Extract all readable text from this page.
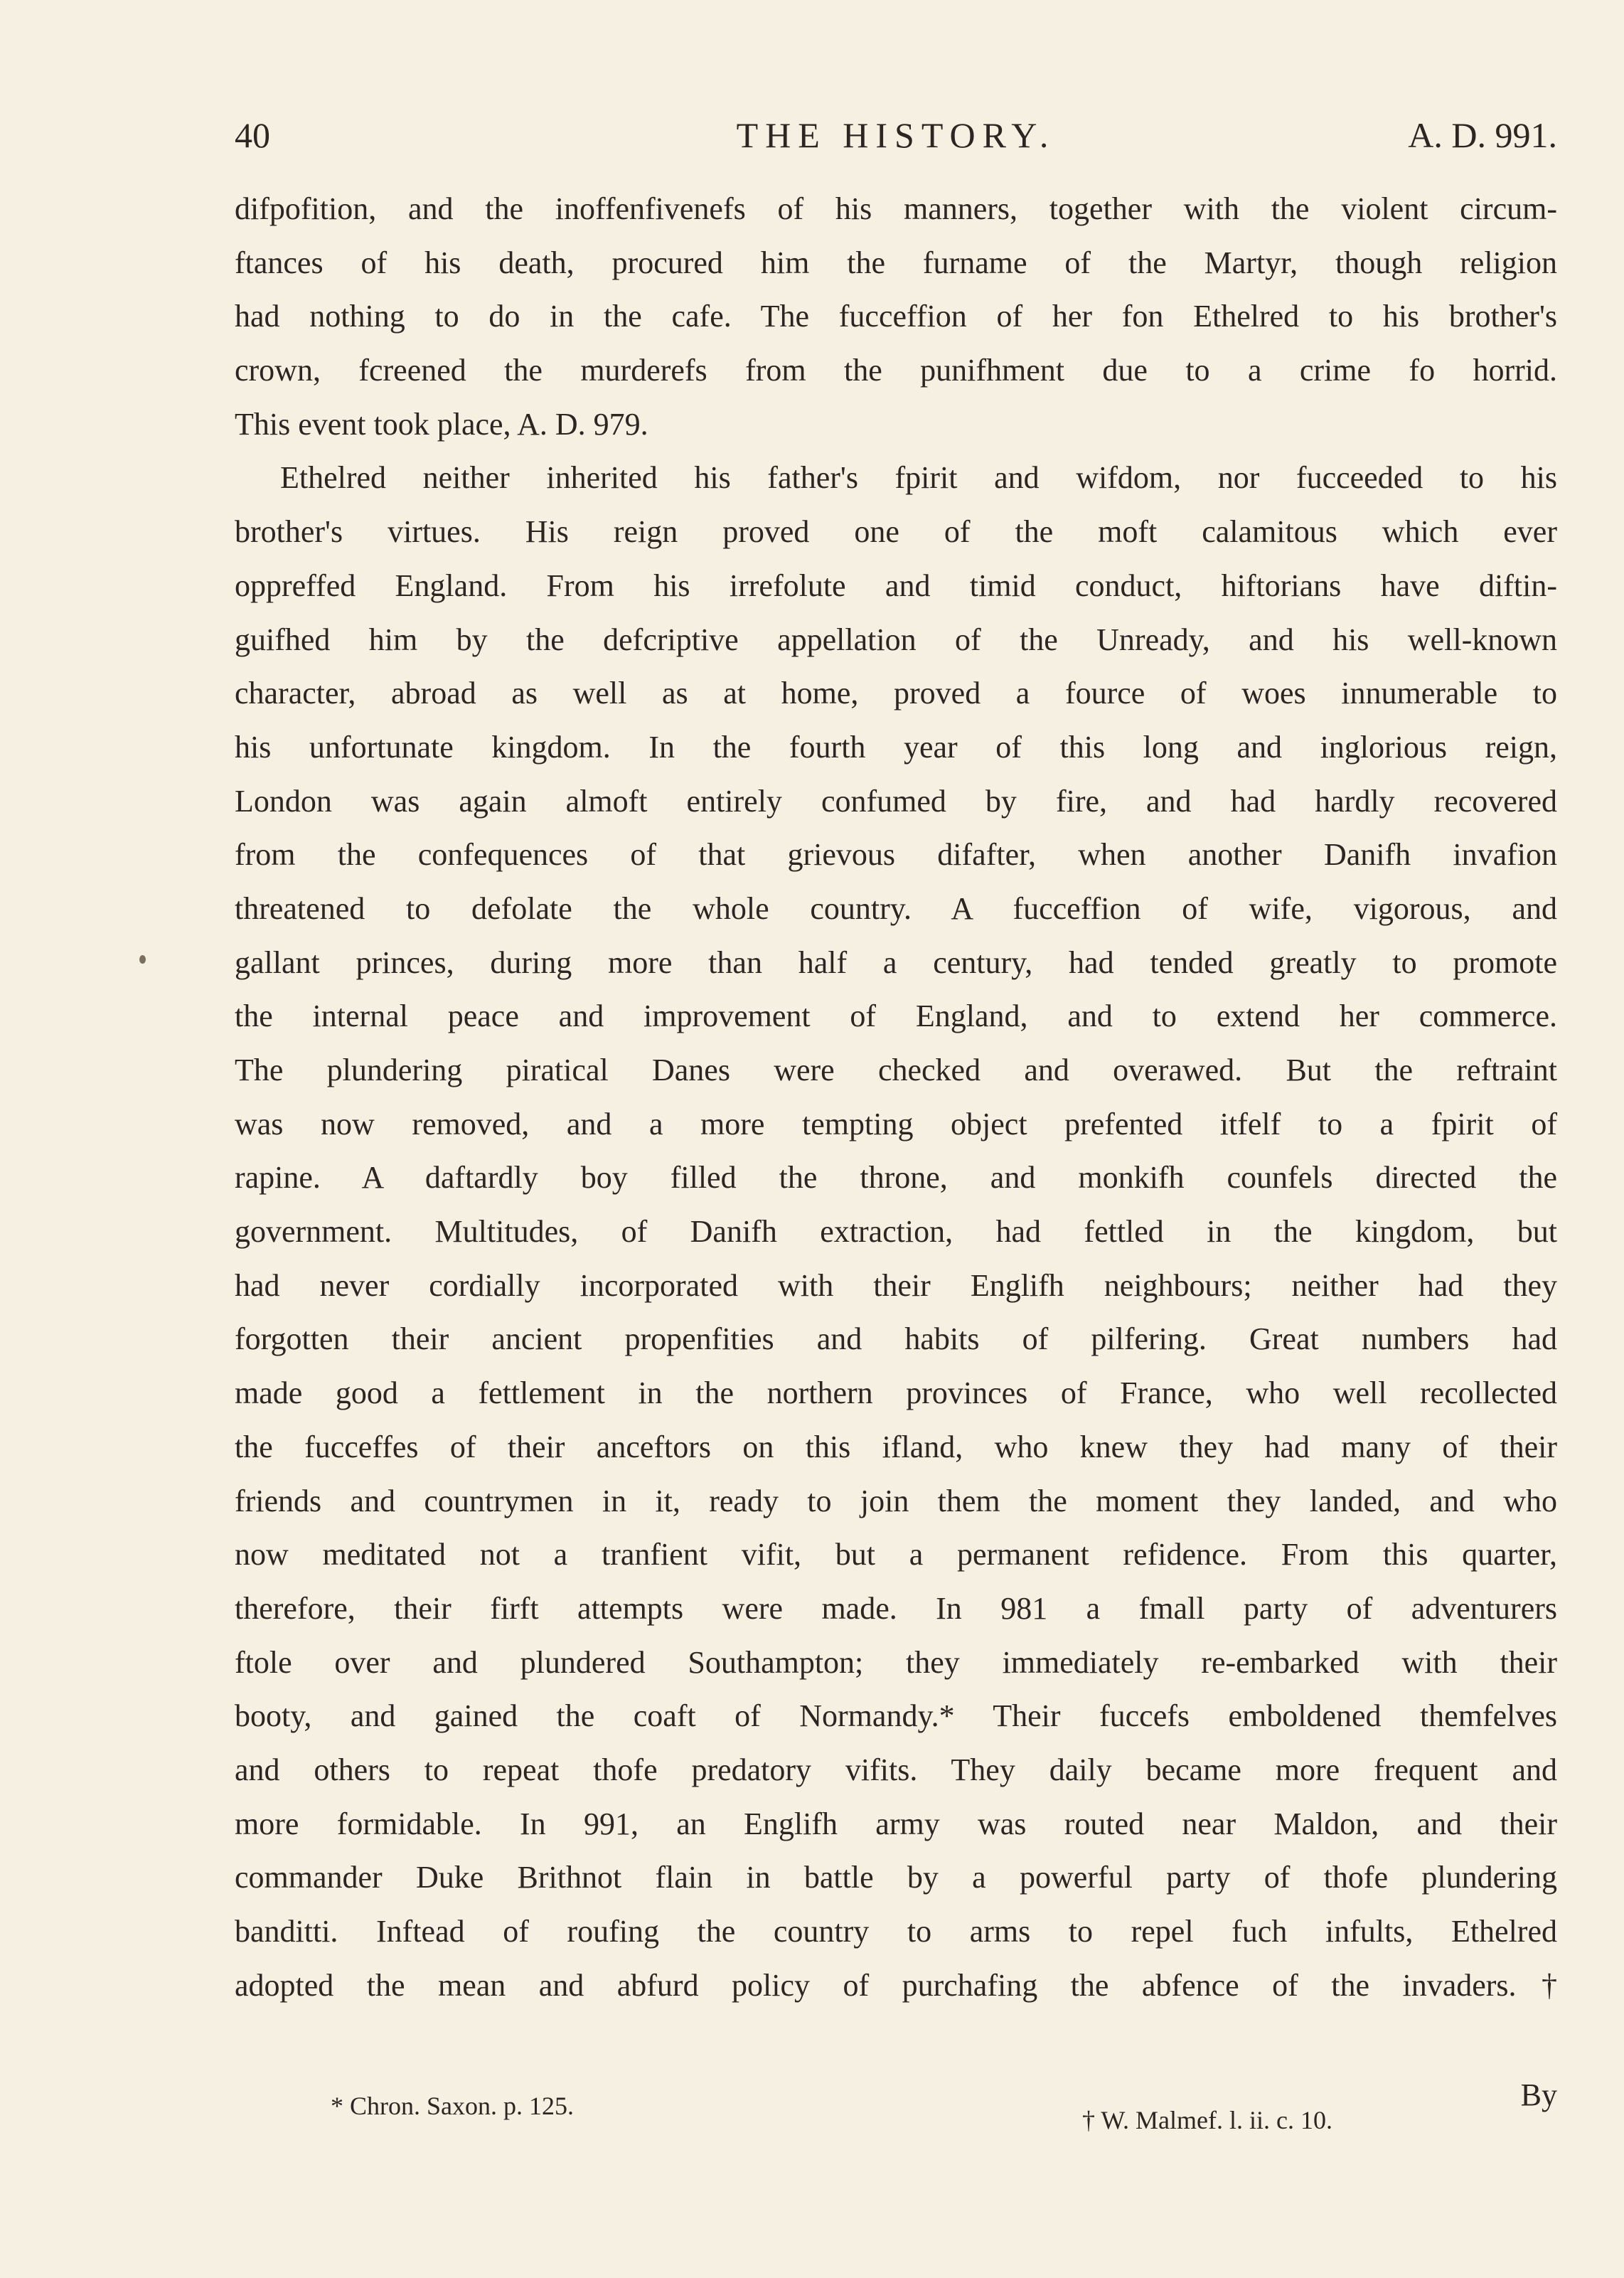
40	THE HISTORY.	A. D. 991.
difpofition, and the inoffenfivenefs of his manners, together with the violent circum-
ftances of his death, procured him the furname of the Martyr, though religion
had nothing to do in the cafe. The fucceffion of her fon Ethelred to his brother's
crown, fcreened the murderefs from the punifhment due to a crime fo horrid.
This event took place, A. D. 979.
Ethelred neither inherited his father's fpirit and wifdom, nor fucceeded to his
brother's virtues. His reign proved one of the moft calamitous which ever
oppreffed England. From his irrefolute and timid conduct, hiftorians have diftin-
guifhed him by the defcriptive appellation of the Unready, and his well-known
character, abroad as well as at home, proved a fource of woes innumerable to
his unfortunate kingdom. In the fourth year of this long and inglorious reign,
London was again almoft entirely confumed by fire, and had hardly recovered
from the confequences of that grievous difafter, when another Danifh invafion
threatened to defolate the whole country. A fucceffion of wife, vigorous, and
gallant princes, during more than half a century, had tended greatly to promote
the internal peace and improvement of England, and to extend her commerce.
The plundering piratical Danes were checked and overawed. But the reftraint
was now removed, and a more tempting object prefented itfelf to a fpirit of
rapine. A daftardly boy filled the throne, and monkifh counfels directed the
government. Multitudes, of Danifh extraction, had fettled in the kingdom, but
had never cordially incorporated with their Englifh neighbours; neither had they
forgotten their ancient propenfities and habits of pilfering. Great numbers had
made good a fettlement in the northern provinces of France, who well recollected
the fucceffes of their anceftors on this ifland, who knew they had many of their
friends and countrymen in it, ready to join them the moment they landed, and who
now meditated not a tranfient vifit, but a permanent refidence. From this quarter,
therefore, their firft attempts were made. In 981 a fmall party of adventurers
ftole over and plundered Southampton; they immediately re-embarked with their
booty, and gained the coaft of Normandy.* Their fuccefs emboldened themfelves
and others to repeat thofe predatory vifits. They daily became more frequent and
more formidable. In 991, an Englifh army was routed near Maldon, and their
commander Duke Brithnot flain in battle by a powerful party of thofe plundering
banditti. Inftead of roufing the country to arms to repel fuch infults, Ethelred
adopted the mean and abfurd policy of purchafing the abfence of the invaders.†
By
* Chron. Saxon. p. 125.	† W. Malmef. l. ii. c. 10.
